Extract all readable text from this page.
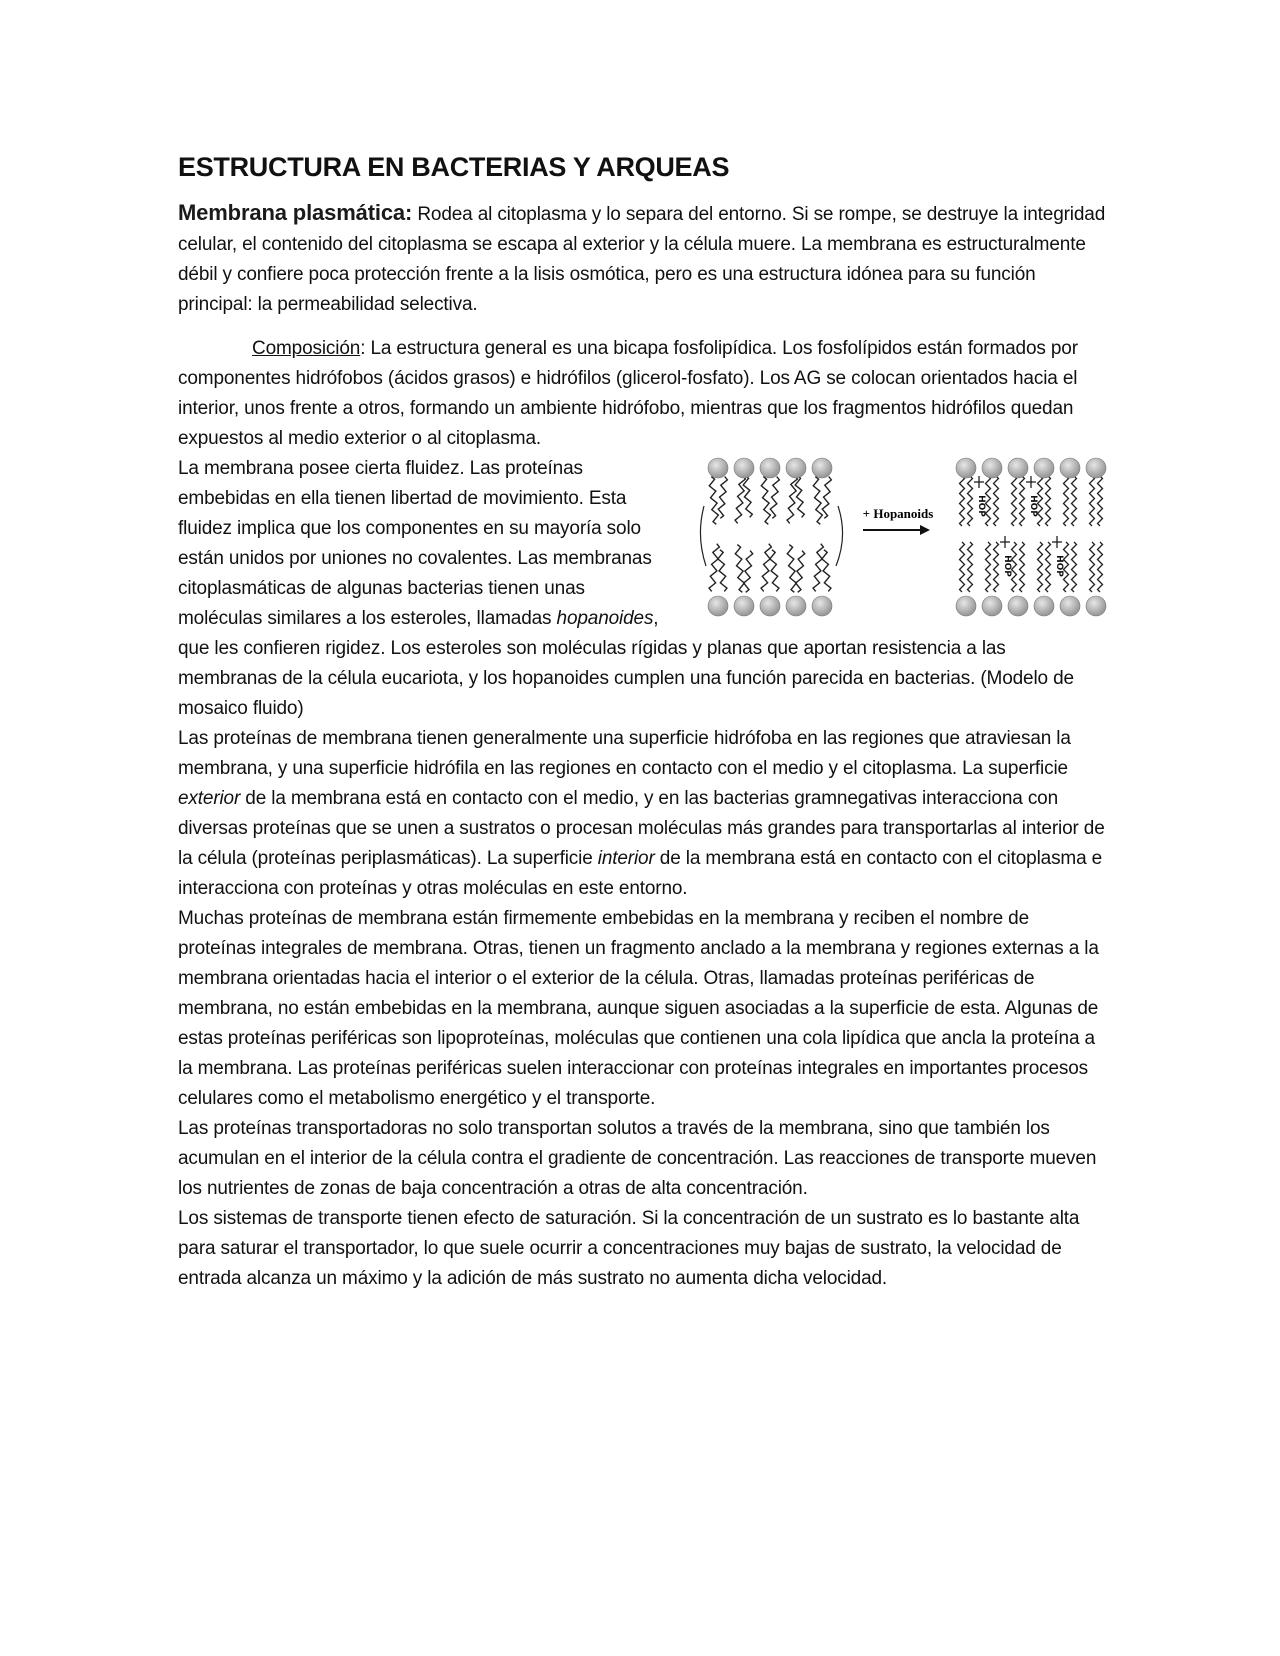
ESTRUCTURA EN BACTERIAS Y ARQUEAS

Membrana plasmática: Rodea al citoplasma y lo separa del entorno. Si se rompe, se destruye la integridad celular, el contenido del citoplasma se escapa al exterior y la célula muere. La membrana es estructuralmente débil y confiere poca protección frente a la lisis osmótica, pero es una estructura idónea para su función principal: la permeabilidad selectiva.

Composición: La estructura general es una bicapa fosfolipídica. Los fosfolípidos están formados por componentes hidrófobos (ácidos grasos) e hidrófilos (glicerol-fosfato). Los AG se colocan orientados hacia el interior, unos frente a otros, formando un ambiente hidrófobo, mientras que los fragmentos hidrófilos quedan expuestos al medio exterior o al citoplasma.

HOP	HOP
HOP
HOP
+ Hopanoids

La membrana posee cierta fluidez. Las proteínas embebidas en ella tienen libertad de movimiento. Esta fluidez implica que los componentes en su mayoría solo están unidos por uniones no covalentes. Las membranas citoplasmáticas de algunas bacterias tienen unas moléculas similares a los esteroles, llamadas hopanoides, que les confieren rigidez. Los esteroles son moléculas rígidas y planas que aportan resistencia a las membranas de la célula eucariota, y los hopanoides cumplen una función parecida en bacterias. (Modelo de mosaico fluido)

Las proteínas de membrana tienen generalmente una superficie hidrófoba en las regiones que atraviesan la membrana, y una superficie hidrófila en las regiones en contacto con el medio y el citoplasma. La superficie exterior de la membrana está en contacto con el medio, y en las bacterias gramnegativas interacciona con diversas proteínas que se unen a sustratos o procesan moléculas más grandes para transportarlas al interior de la célula (proteínas periplasmáticas). La superficie interior de la membrana está en contacto con el citoplasma e interacciona con proteínas y otras moléculas en este entorno.

Muchas proteínas de membrana están firmemente embebidas en la membrana y reciben el nombre de proteínas integrales de membrana. Otras, tienen un fragmento anclado a la membrana y regiones externas a la membrana orientadas hacia el interior o el exterior de la célula. Otras, llamadas proteínas periféricas de membrana, no están embebidas en la membrana, aunque siguen asociadas a la superficie de esta. Algunas de estas proteínas periféricas son lipoproteínas, moléculas que contienen una cola lipídica que ancla la proteína a la membrana. Las proteínas periféricas suelen interaccionar con proteínas integrales en importantes procesos celulares como el metabolismo energético y el transporte.

Las proteínas transportadoras no solo transportan solutos a través de la membrana, sino que también los acumulan en el interior de la célula contra el gradiente de concentración. Las reacciones de transporte mueven los nutrientes de zonas de baja concentración a otras de alta concentración.

Los sistemas de transporte tienen efecto de saturación. Si la concentración de un sustrato es lo bastante alta para saturar el transportador, lo que suele ocurrir a concentraciones muy bajas de sustrato, la velocidad de entrada alcanza un máximo y la adición de más sustrato no aumenta dicha velocidad.
